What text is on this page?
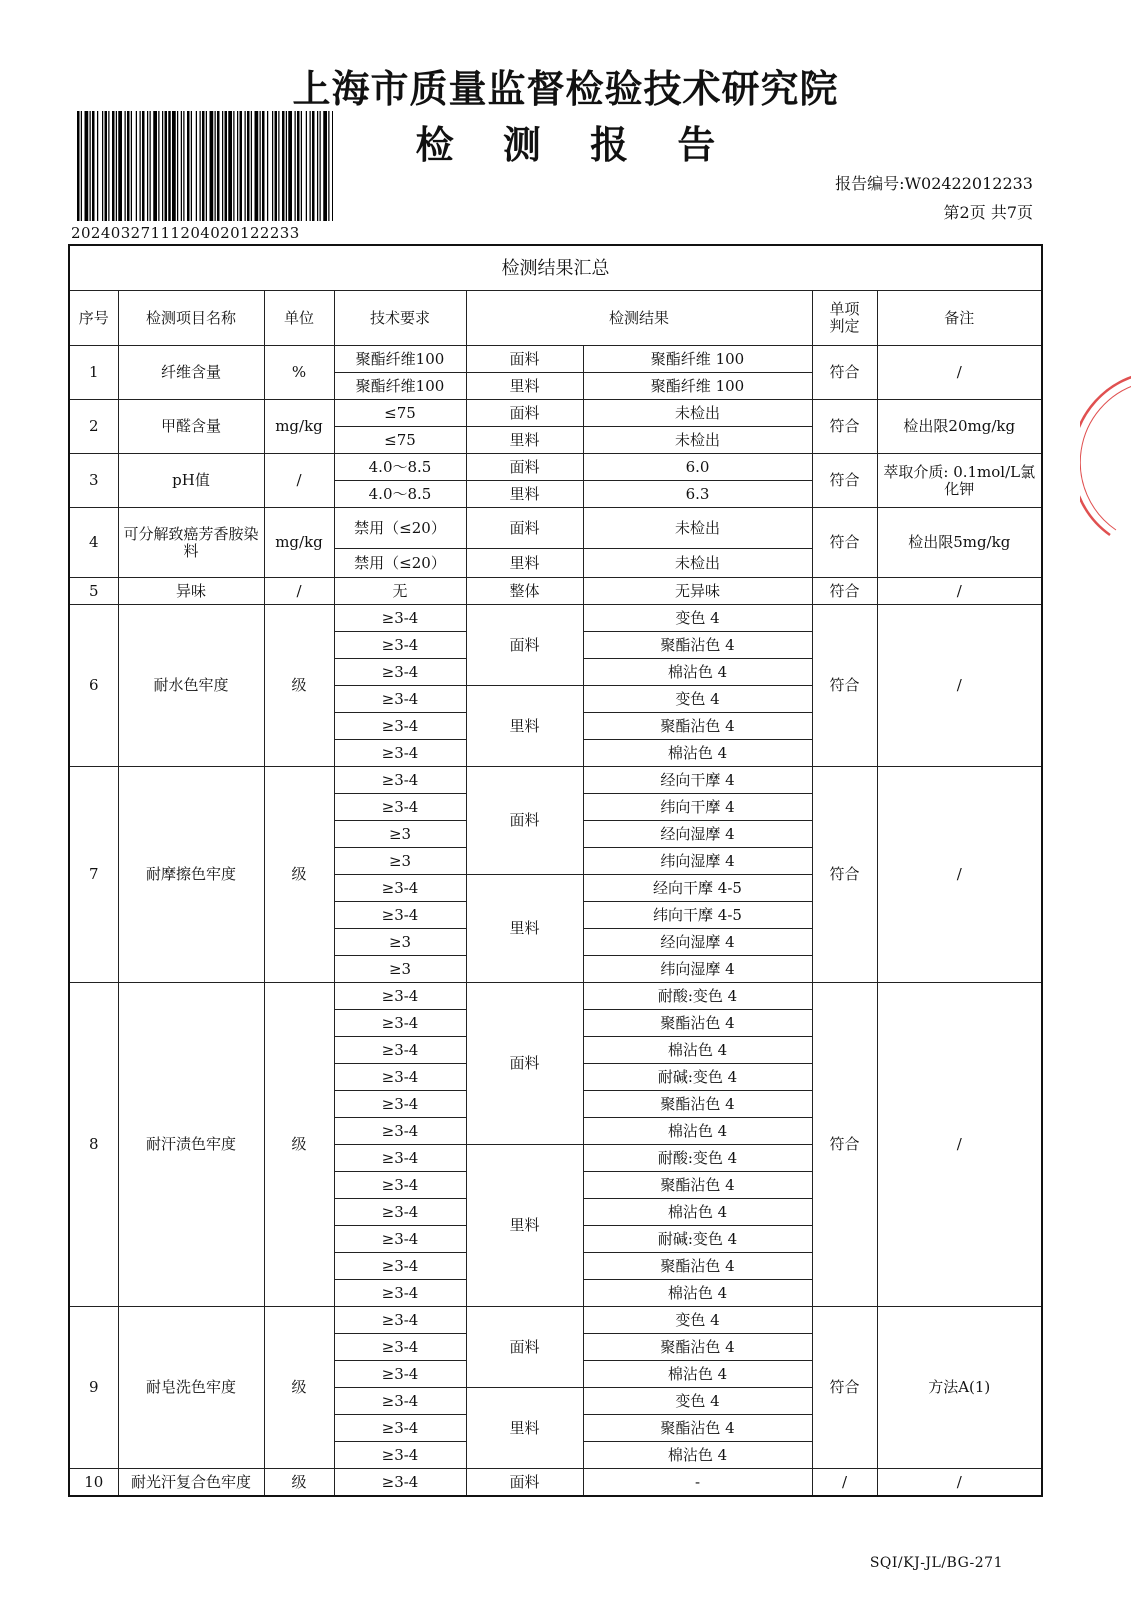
上海市质量监督检验技术研究院
检 测 报 告
20240327111204020122233
报告编号:W02422012233
第2页 共7页
检测结果汇总							
序号	检测项目名称	单位	技术要求	检测结果		单项判定	备注
1	纤维含量	%	聚酯纤维100	面料	聚酯纤维 100	符合	/
			聚酯纤维100	里料	聚酯纤维 100		
2	甲醛含量	mg/kg	≤75	面料	未检出	符合	检出限20mg/kg
			≤75	里料	未检出		
3	pH值	/	4.0～8.5	面料	6.0	符合	萃取介质: 0.1mol/L氯化钾
			4.0～8.5	里料	6.3		
4	可分解致癌芳香胺染料	mg/kg	禁用（≤20）	面料	未检出	符合	检出限5mg/kg
			禁用（≤20）	里料	未检出		
5	异味	/	无	整体	无异味	符合	/
6	耐水色牢度	级	≥3-4	面料	变色 4	符合	/
			≥3-4		聚酯沾色 4		
			≥3-4		棉沾色 4		
			≥3-4	里料	变色 4		
			≥3-4		聚酯沾色 4		
			≥3-4		棉沾色 4		
7	耐摩擦色牢度	级	≥3-4	面料	经向干摩 4	符合	/
			≥3-4		纬向干摩 4		
			≥3		经向湿摩 4		
			≥3		纬向湿摩 4		
			≥3-4	里料	经向干摩 4-5		
			≥3-4		纬向干摩 4-5		
			≥3		经向湿摩 4		
			≥3		纬向湿摩 4		
8	耐汗渍色牢度	级	≥3-4	面料	耐酸:变色 4	符合	/
			≥3-4		聚酯沾色 4		
			≥3-4		棉沾色 4		
			≥3-4		耐碱:变色 4		
			≥3-4		聚酯沾色 4		
			≥3-4		棉沾色 4		
			≥3-4	里料	耐酸:变色 4		
			≥3-4		聚酯沾色 4		
			≥3-4		棉沾色 4		
			≥3-4		耐碱:变色 4		
			≥3-4		聚酯沾色 4		
			≥3-4		棉沾色 4		
9	耐皂洗色牢度	级	≥3-4	面料	变色 4	符合	方法A(1)
			≥3-4		聚酯沾色 4		
			≥3-4		棉沾色 4		
			≥3-4	里料	变色 4		
			≥3-4		聚酯沾色 4		
			≥3-4		棉沾色 4		
10	耐光汗复合色牢度	级	≥3-4	面料	-	/	/
SQI/KJ-JL/BG-271
